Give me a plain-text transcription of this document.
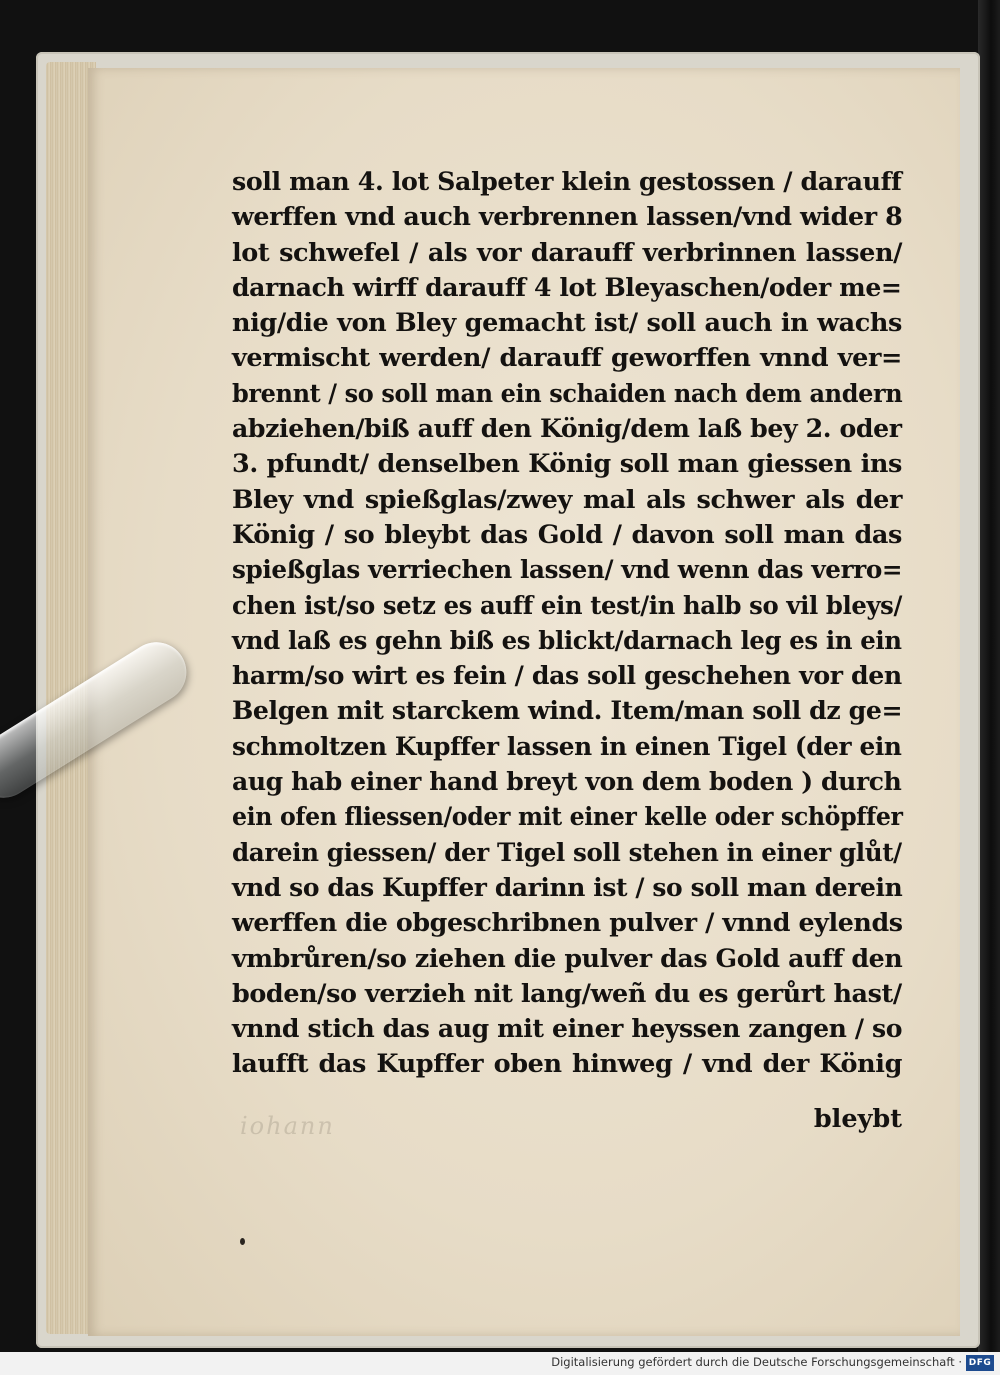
soll man 4. lot Salpeter klein gestossen / darauff
werffen vnd auch verbrennen lassen/vnd wider 8
lot schwefel / als vor darauff verbrinnen lassen/
darnach wirff darauff 4 lot Bleyaschen/oder me=
nig/die von Bley gemacht ist/ soll auch in wachs
vermischt werden/ darauff geworffen vnnd ver=
brennt / so soll man ein schaiden nach dem andern
abziehen/biß auff den König/dem laß bey 2. oder
3. pfundt/ denselben König soll man giessen ins
Bley vnd spießglas/zwey mal als schwer als der
König / so bleybt das Gold / davon soll man das
spießglas verriechen lassen/ vnd wenn das verro=
chen ist/so setz es auff ein test/in halb so vil bleys/
vnd laß es gehn biß es blickt/darnach leg es in ein
harm/so wirt es fein / das soll geschehen vor den
Belgen mit starckem wind. Item/man soll dz ge=
schmoltzen Kupffer lassen in einen Tigel (der ein
aug hab einer hand breyt von dem boden ) durch
ein ofen fliessen/oder mit einer kelle oder schöpffer
darein giessen/ der Tigel soll stehen in einer glůt/
vnd so das Kupffer darinn ist / so soll man derein
werffen die obgeschribnen pulver / vnnd eylends
vmbrůren/so ziehen die pulver das Gold auff den
boden/so verzieh nit lang/weñ du es gerůrt hast/
vnnd stich das aug mit einer heyssen zangen / so
laufft das Kupffer oben hinweg / vnd der König
iohann	bleybt
Digitalisierung gefördert durch die Deutsche Forschungsgemeinschaft · DFG
